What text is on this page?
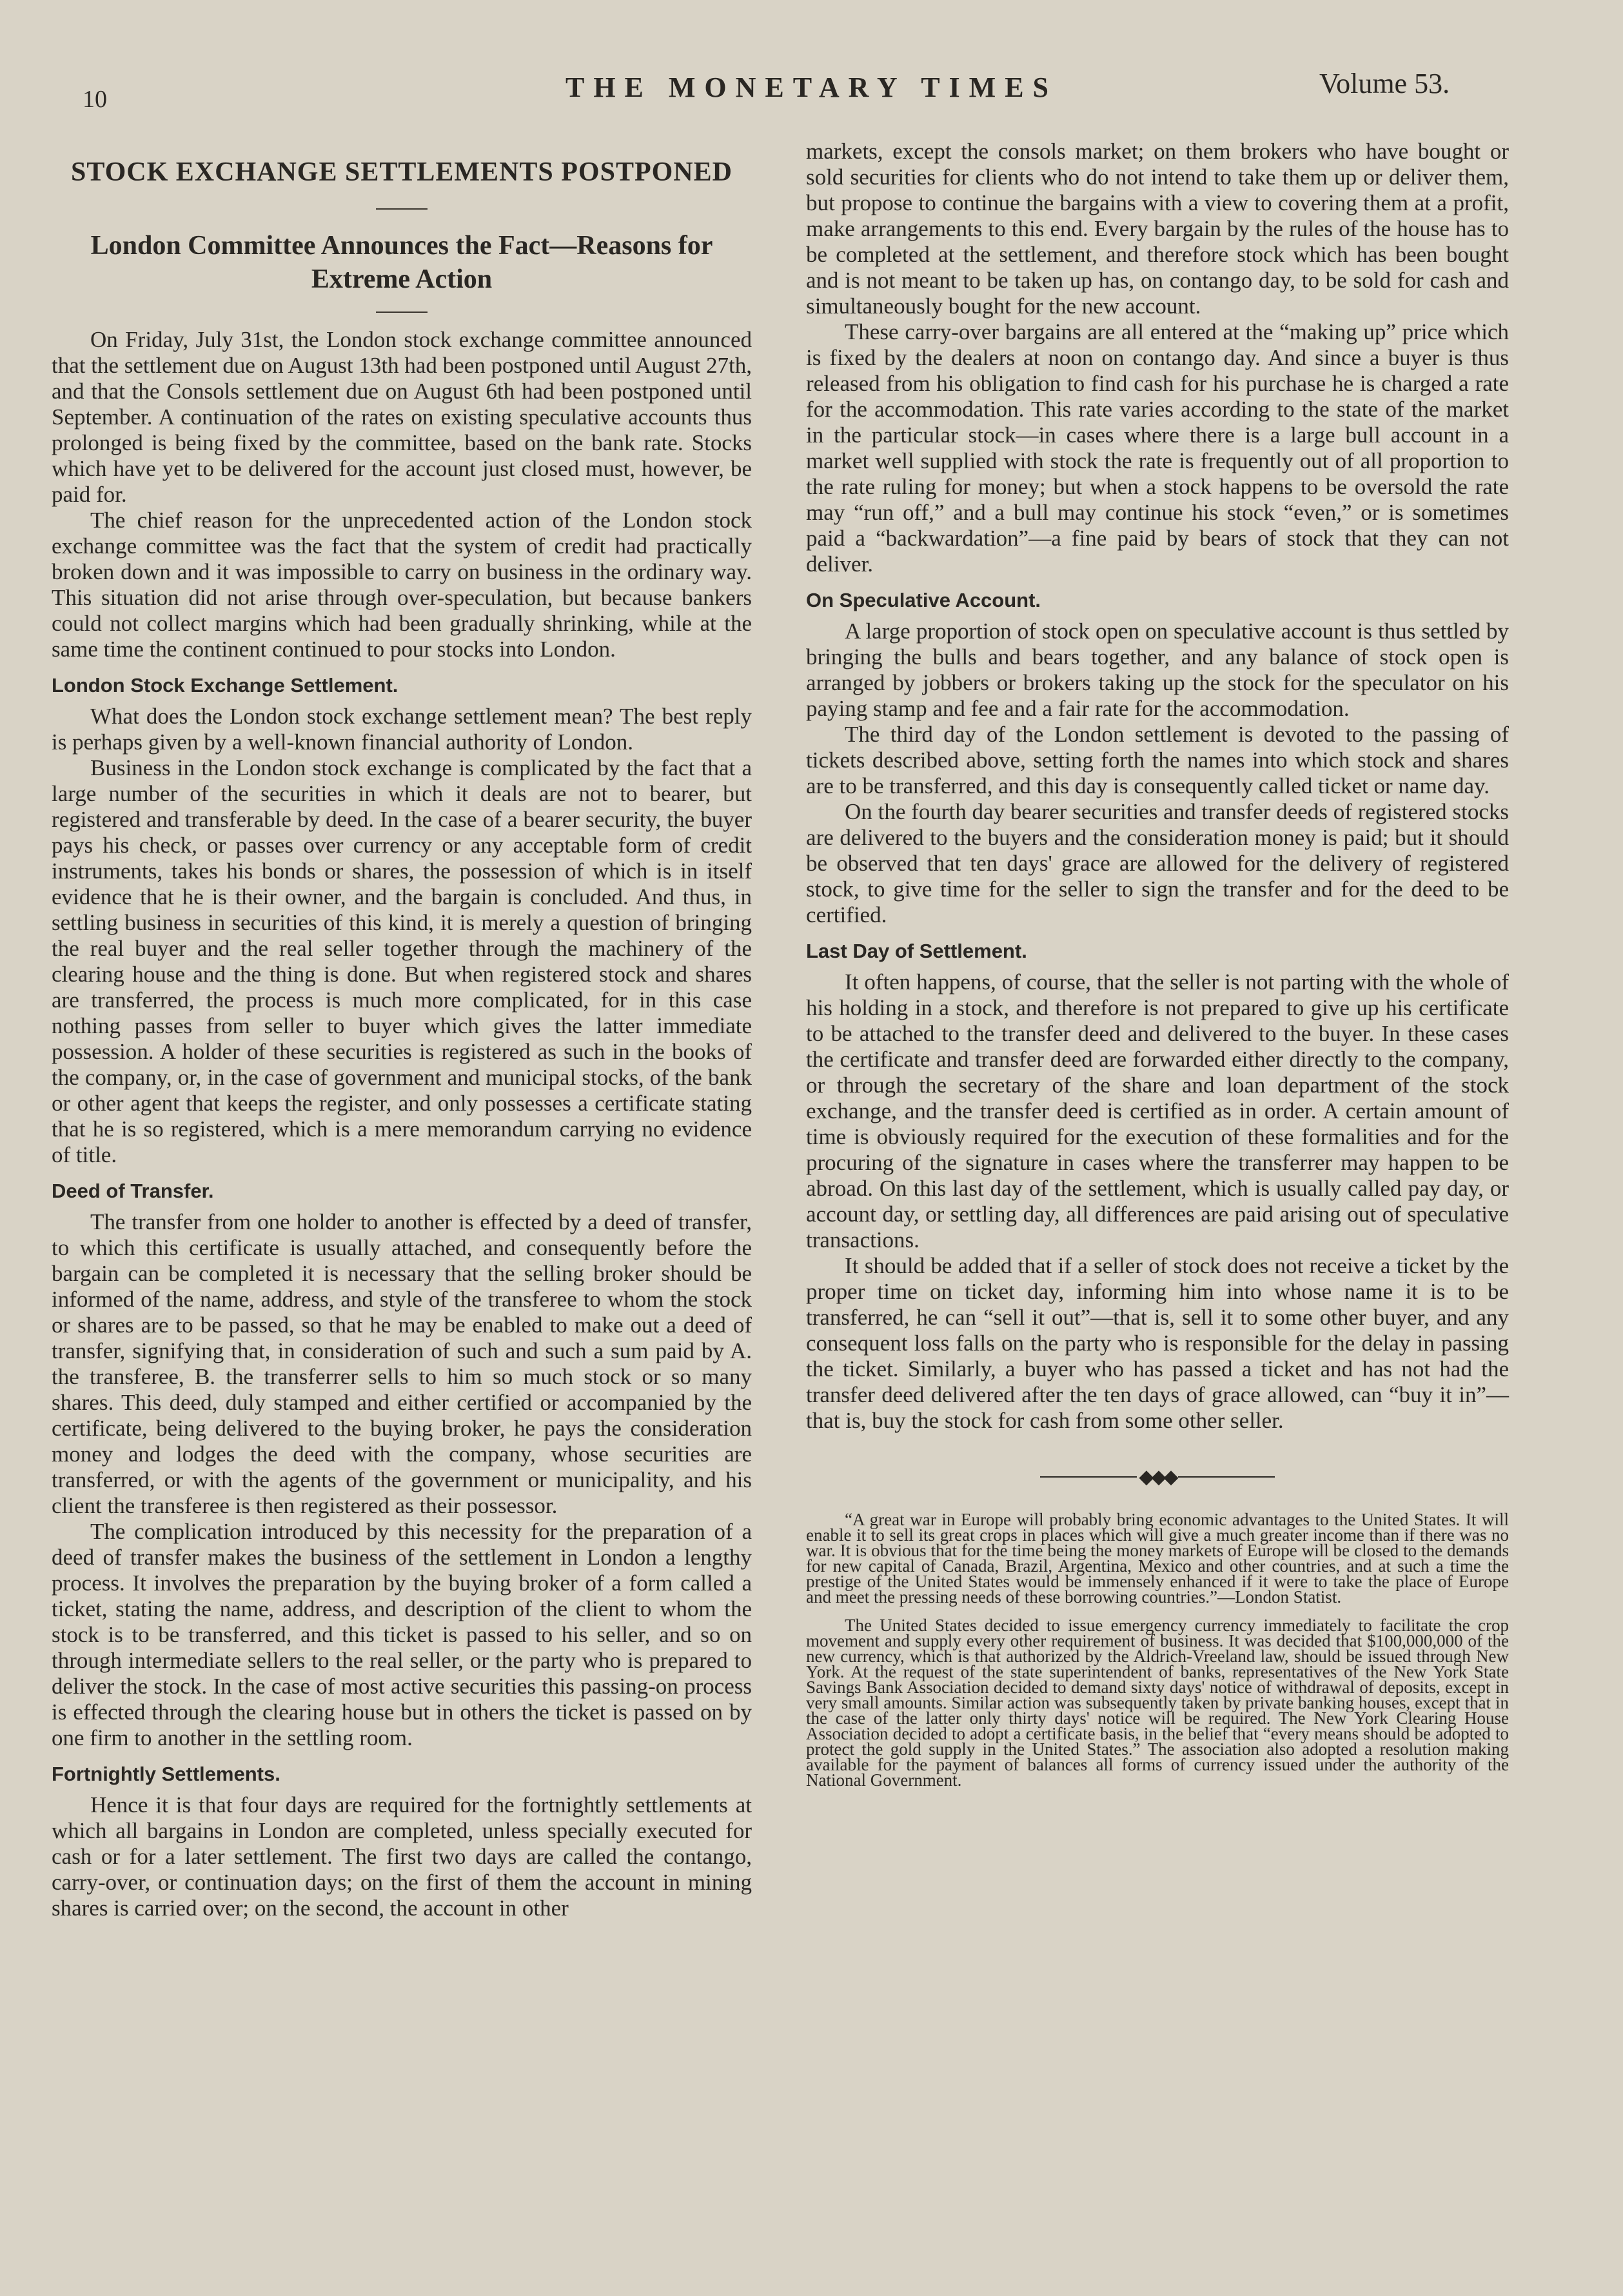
10	THE MONETARY TIMES	Volume 53.
STOCK EXCHANGE SETTLEMENTS POSTPONED
London Committee Announces the Fact—Reasons for Extreme Action

On Friday, July 31st, the London stock exchange committee announced that the settlement due on August 13th had been postponed until August 27th, and that the Consols settlement due on August 6th had been postponed until September. A continuation of the rates on existing speculative accounts thus prolonged is being fixed by the committee, based on the bank rate. Stocks which have yet to be delivered for the account just closed must, however, be paid for.

The chief reason for the unprecedented action of the London stock exchange committee was the fact that the system of credit had practically broken down and it was impossible to carry on business in the ordinary way. This situation did not arise through over-speculation, but because bankers could not collect margins which had been gradually shrinking, while at the same time the continent continued to pour stocks into London.

London Stock Exchange Settlement.

What does the London stock exchange settlement mean? The best reply is perhaps given by a well-known financial authority of London.

Business in the London stock exchange is complicated by the fact that a large number of the securities in which it deals are not to bearer, but registered and transferable by deed. In the case of a bearer security, the buyer pays his check, or passes over currency or any acceptable form of credit instruments, takes his bonds or shares, the possession of which is in itself evidence that he is their owner, and the bargain is concluded. And thus, in settling business in securities of this kind, it is merely a question of bringing the real buyer and the real seller together through the machinery of the clearing house and the thing is done. But when registered stock and shares are transferred, the process is much more complicated, for in this case nothing passes from seller to buyer which gives the latter immediate possession. A holder of these securities is registered as such in the books of the company, or, in the case of government and municipal stocks, of the bank or other agent that keeps the register, and only possesses a certificate stating that he is so registered, which is a mere memorandum carrying no evidence of title.

Deed of Transfer.

The transfer from one holder to another is effected by a deed of transfer, to which this certificate is usually attached, and consequently before the bargain can be completed it is necessary that the selling broker should be informed of the name, address, and style of the transferee to whom the stock or shares are to be passed, so that he may be enabled to make out a deed of transfer, signifying that, in consideration of such and such a sum paid by A. the transferee, B. the transferrer sells to him so much stock or so many shares. This deed, duly stamped and either certified or accompanied by the certificate, being delivered to the buying broker, he pays the consideration money and lodges the deed with the company, whose securities are transferred, or with the agents of the government or municipality, and his client the transferee is then registered as their possessor.

The complication introduced by this necessity for the preparation of a deed of transfer makes the business of the settlement in London a lengthy process. It involves the preparation by the buying broker of a form called a ticket, stating the name, address, and description of the client to whom the stock is to be transferred, and this ticket is passed to his seller, and so on through intermediate sellers to the real seller, or the party who is prepared to deliver the stock. In the case of most active securities this passing-on process is effected through the clearing house but in others the ticket is passed on by one firm to another in the settling room.

Fortnightly Settlements.

Hence it is that four days are required for the fortnightly settlements at which all bargains in London are completed, unless specially executed for cash or for a later settlement. The first two days are called the contango, carry-over, or continuation days; on the first of them the account in mining shares is carried over; on the second, the account in other

markets, except the consols market; on them brokers who have bought or sold securities for clients who do not intend to take them up or deliver them, but propose to continue the bargains with a view to covering them at a profit, make arrangements to this end. Every bargain by the rules of the house has to be completed at the settlement, and therefore stock which has been bought and is not meant to be taken up has, on contango day, to be sold for cash and simultaneously bought for the new account.

These carry-over bargains are all entered at the “making up” price which is fixed by the dealers at noon on contango day. And since a buyer is thus released from his obligation to find cash for his purchase he is charged a rate for the accommodation. This rate varies according to the state of the market in the particular stock—in cases where there is a large bull account in a market well supplied with stock the rate is frequently out of all proportion to the rate ruling for money; but when a stock happens to be oversold the rate may “run off,” and a bull may continue his stock “even,” or is sometimes paid a “backwardation”—a fine paid by bears of stock that they can not deliver.

On Speculative Account.

A large proportion of stock open on speculative account is thus settled by bringing the bulls and bears together, and any balance of stock open is arranged by jobbers or brokers taking up the stock for the speculator on his paying stamp and fee and a fair rate for the accommodation.

The third day of the London settlement is devoted to the passing of tickets described above, setting forth the names into which stock and shares are to be transferred, and this day is consequently called ticket or name day.

On the fourth day bearer securities and transfer deeds of registered stocks are delivered to the buyers and the consideration money is paid; but it should be observed that ten days' grace are allowed for the delivery of registered stock, to give time for the seller to sign the transfer and for the deed to be certified.

Last Day of Settlement.

It often happens, of course, that the seller is not parting with the whole of his holding in a stock, and therefore is not prepared to give up his certificate to be attached to the transfer deed and delivered to the buyer. In these cases the certificate and transfer deed are forwarded either directly to the company, or through the secretary of the share and loan department of the stock exchange, and the transfer deed is certified as in order. A certain amount of time is obviously required for the execution of these formalities and for the procuring of the signature in cases where the transferrer may happen to be abroad. On this last day of the settlement, which is usually called pay day, or account day, or settling day, all differences are paid arising out of speculative transactions.

It should be added that if a seller of stock does not receive a ticket by the proper time on ticket day, informing him into whose name it is to be transferred, he can “sell it out”—that is, sell it to some other buyer, and any consequent loss falls on the party who is responsible for the delay in passing the ticket. Similarly, a buyer who has passed a ticket and has not had the transfer deed delivered after the ten days of grace allowed, can “buy it in”—that is, buy the stock for cash from some other seller.

◆◆◆

“A great war in Europe will probably bring economic advantages to the United States. It will enable it to sell its great crops in places which will give a much greater income than if there was no war. It is obvious that for the time being the money markets of Europe will be closed to the demands for new capital of Canada, Brazil, Argentina, Mexico and other countries, and at such a time the prestige of the United States would be immensely enhanced if it were to take the place of Europe and meet the pressing needs of these borrowing countries.”—London Statist.

The United States decided to issue emergency currency immediately to facilitate the crop movement and supply every other requirement of business. It was decided that $100,000,000 of the new currency, which is that authorized by the Aldrich-Vreeland law, should be issued through New York. At the request of the state superintendent of banks, representatives of the New York State Savings Bank Association decided to demand sixty days' notice of withdrawal of deposits, except in very small amounts. Similar action was subsequently taken by private banking houses, except that in the case of the latter only thirty days' notice will be required. The New York Clearing House Association decided to adopt a certificate basis, in the belief that “every means should be adopted to protect the gold supply in the United States.” The association also adopted a resolution making available for the payment of balances all forms of currency issued under the authority of the National Government.
